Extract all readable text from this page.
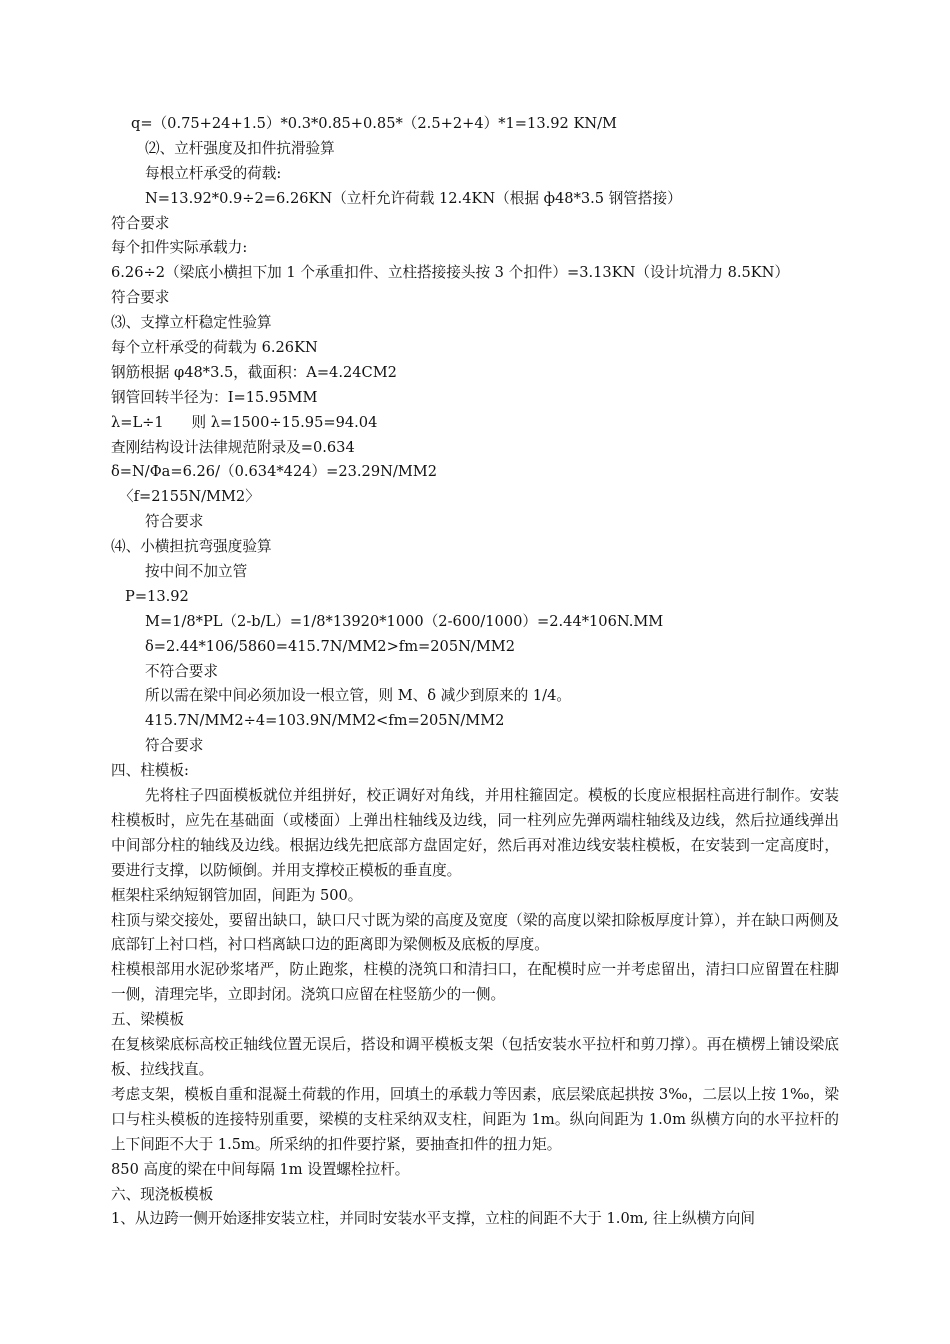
q=（0.75+24+1.5）*0.3*0.85+0.85*（2.5+2+4）*1=13.92 KN/M
⑵、立杆强度及扣件抗滑验算
每根立杆承受的荷载:
N=13.92*0.9÷2=6.26KN（立杆允许荷载 12.4KN（根据 ф48*3.5 钢管搭接）
符合要求
每个扣件实际承载力:
6.26÷2（梁底小横担下加 1 个承重扣件、立柱搭接接头按 3 个扣件）=3.13KN（设计坑滑力 8.5KN）
符合要求
⑶、支撑立杆稳定性验算
每个立杆承受的荷载为 6.26KN
钢筋根据 φ48*3.5，截面积：A=4.24CM2
钢管回转半径为：I=15.95MM
λ=L÷1      则 λ=1500÷15.95=94.04
查刚结构设计法律规范附录及=0.634
δ=N/Φa=6.26/（0.634*424）=23.29N/MM2
〈f=2155N/MM2〉
符合要求
⑷、小横担抗弯强度验算
按中间不加立管
P=13.92
M=1/8*PL（2-b/L）=1/8*13920*1000（2-600/1000）=2.44*106N.MM
δ=2.44*106/5860=415.7N/MM2>fm=205N/MM2
不符合要求
所以需在梁中间必须加设一根立管，则 M、δ 减少到原来的 1/4。
415.7N/MM2÷4=103.9N/MM2<fm=205N/MM2
符合要求
四、柱模板:
先将柱子四面模板就位并组拼好，校正调好对角线，并用柱箍固定。模板的长度应根据柱高进行制作。安装柱模板时，应先在基础面（或楼面）上弹出柱轴线及边线，同一柱列应先弹两端柱轴线及边线，然后拉通线弹出中间部分柱的轴线及边线。根据边线先把底部方盘固定好，然后再对准边线安装柱模板，在安装到一定高度时，要进行支撑，以防倾倒。并用支撑校正模板的垂直度。
框架柱采纳短钢管加固，间距为 500。
柱顶与梁交接处，要留出缺口，缺口尺寸既为梁的高度及宽度（梁的高度以梁扣除板厚度计算），并在缺口两侧及底部钉上衬口档，衬口档离缺口边的距离即为梁侧板及底板的厚度。
柱模根部用水泥砂浆堵严，防止跑浆，柱模的浇筑口和清扫口，在配模时应一并考虑留出，清扫口应留置在柱脚一侧，清理完毕，立即封闭。浇筑口应留在柱竖筋少的一侧。
五、梁模板
在复核梁底标高校正轴线位置无误后，搭设和调平模板支架（包括安装水平拉杆和剪刀撑）。再在横楞上铺设梁底板、拉线找直。
考虑支架，模板自重和混凝土荷载的作用，回填土的承载力等因素，底层梁底起拱按 3‰，二层以上按 1‰，梁口与柱头模板的连接特别重要，梁模的支柱采纳双支柱，间距为 1m。纵向间距为 1.0m 纵横方向的水平拉杆的上下间距不大于 1.5m。所采纳的扣件要拧紧，要抽查扣件的扭力矩。
850 高度的梁在中间每隔 1m 设置螺栓拉杆。
六、现浇板模板
1、从边跨一侧开始逐排安装立柱，并同时安装水平支撑，立柱的间距不大于 1.0m, 往上纵横方向间
